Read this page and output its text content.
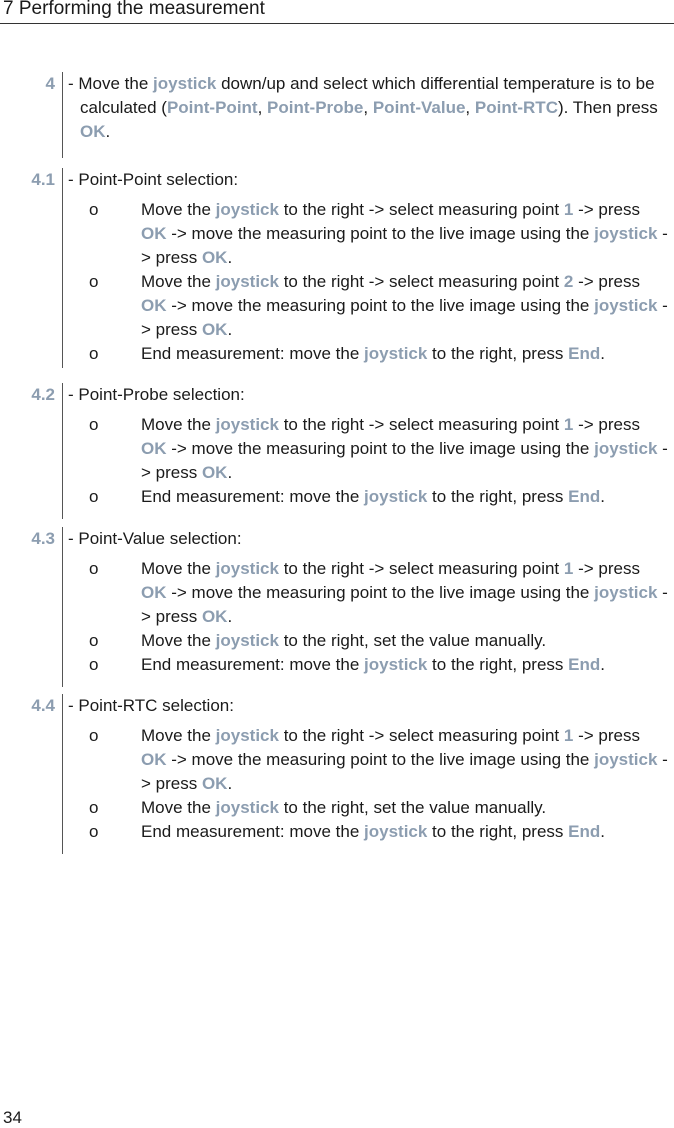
7 Performing the measurement
4 - Move the joystick down/up and select which differential temperature is to be calculated (Point-Point, Point-Probe, Point-Value, Point-RTC). Then press OK.
4.1 - Point-Point selection:
o	Move the joystick to the right -> select measuring point 1 -> press OK -> move the measuring point to the live image using the joystick -> press OK.
o	Move the joystick to the right -> select measuring point 2 -> press OK -> move the measuring point to the live image using the joystick -> press OK.
o	End measurement: move the joystick to the right, press End.
4.2 - Point-Probe selection:
o	Move the joystick to the right -> select measuring point 1 -> press OK -> move the measuring point to the live image using the joystick -> press OK.
o	End measurement: move the joystick to the right, press End.
4.3 - Point-Value selection:
o	Move the joystick to the right -> select measuring point 1 -> press OK -> move the measuring point to the live image using the joystick -> press OK.
o	Move the joystick to the right, set the value manually.
o	End measurement: move the joystick to the right, press End.
4.4 - Point-RTC selection:
o	Move the joystick to the right -> select measuring point 1 -> press OK -> move the measuring point to the live image using the joystick -> press OK.
o	Move the joystick to the right, set the value manually.
o	End measurement: move the joystick to the right, press End.
34
